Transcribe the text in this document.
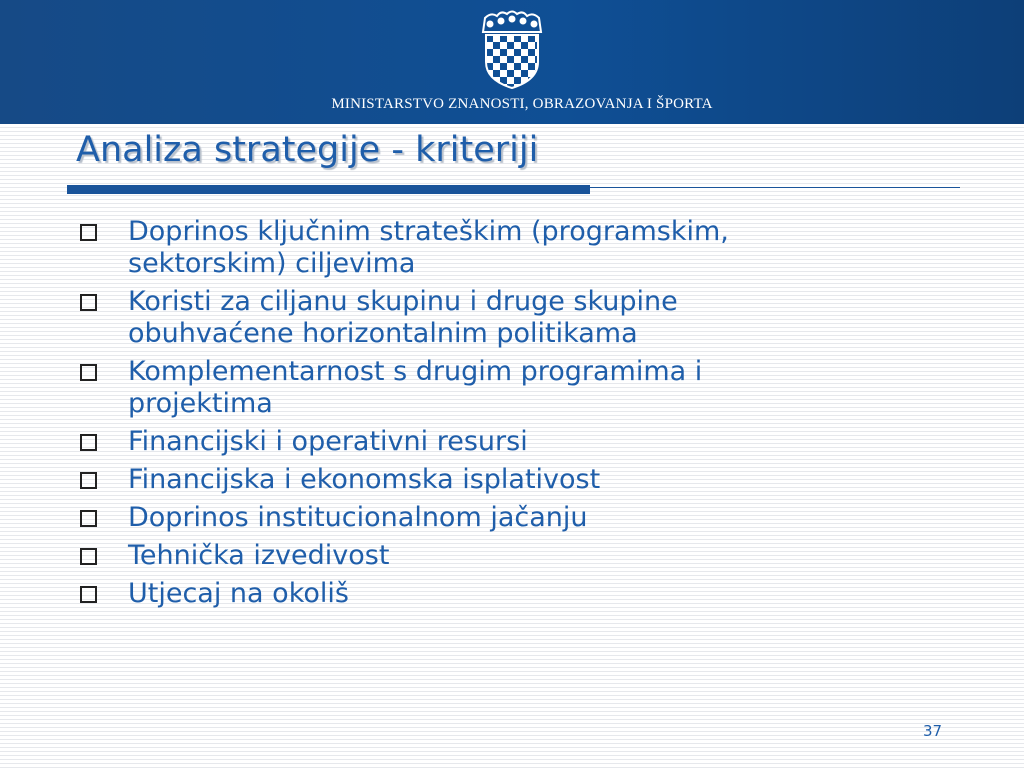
MINISTARSTVO ZNANOSTI, OBRAZOVANJA I ŠPORTA
Analiza strategije - kriteriji
Doprinos ključnim strateškim (programskim,
sektorskim) ciljevima
Koristi za ciljanu skupinu i druge skupine
obuhvaćene horizontalnim politikama
Komplementarnost s drugim programima i
projektima
Financijski i operativni resursi
Financijska i ekonomska isplativost
Doprinos institucionalnom jačanju
Tehnička izvedivost
Utjecaj na okoliš
37
